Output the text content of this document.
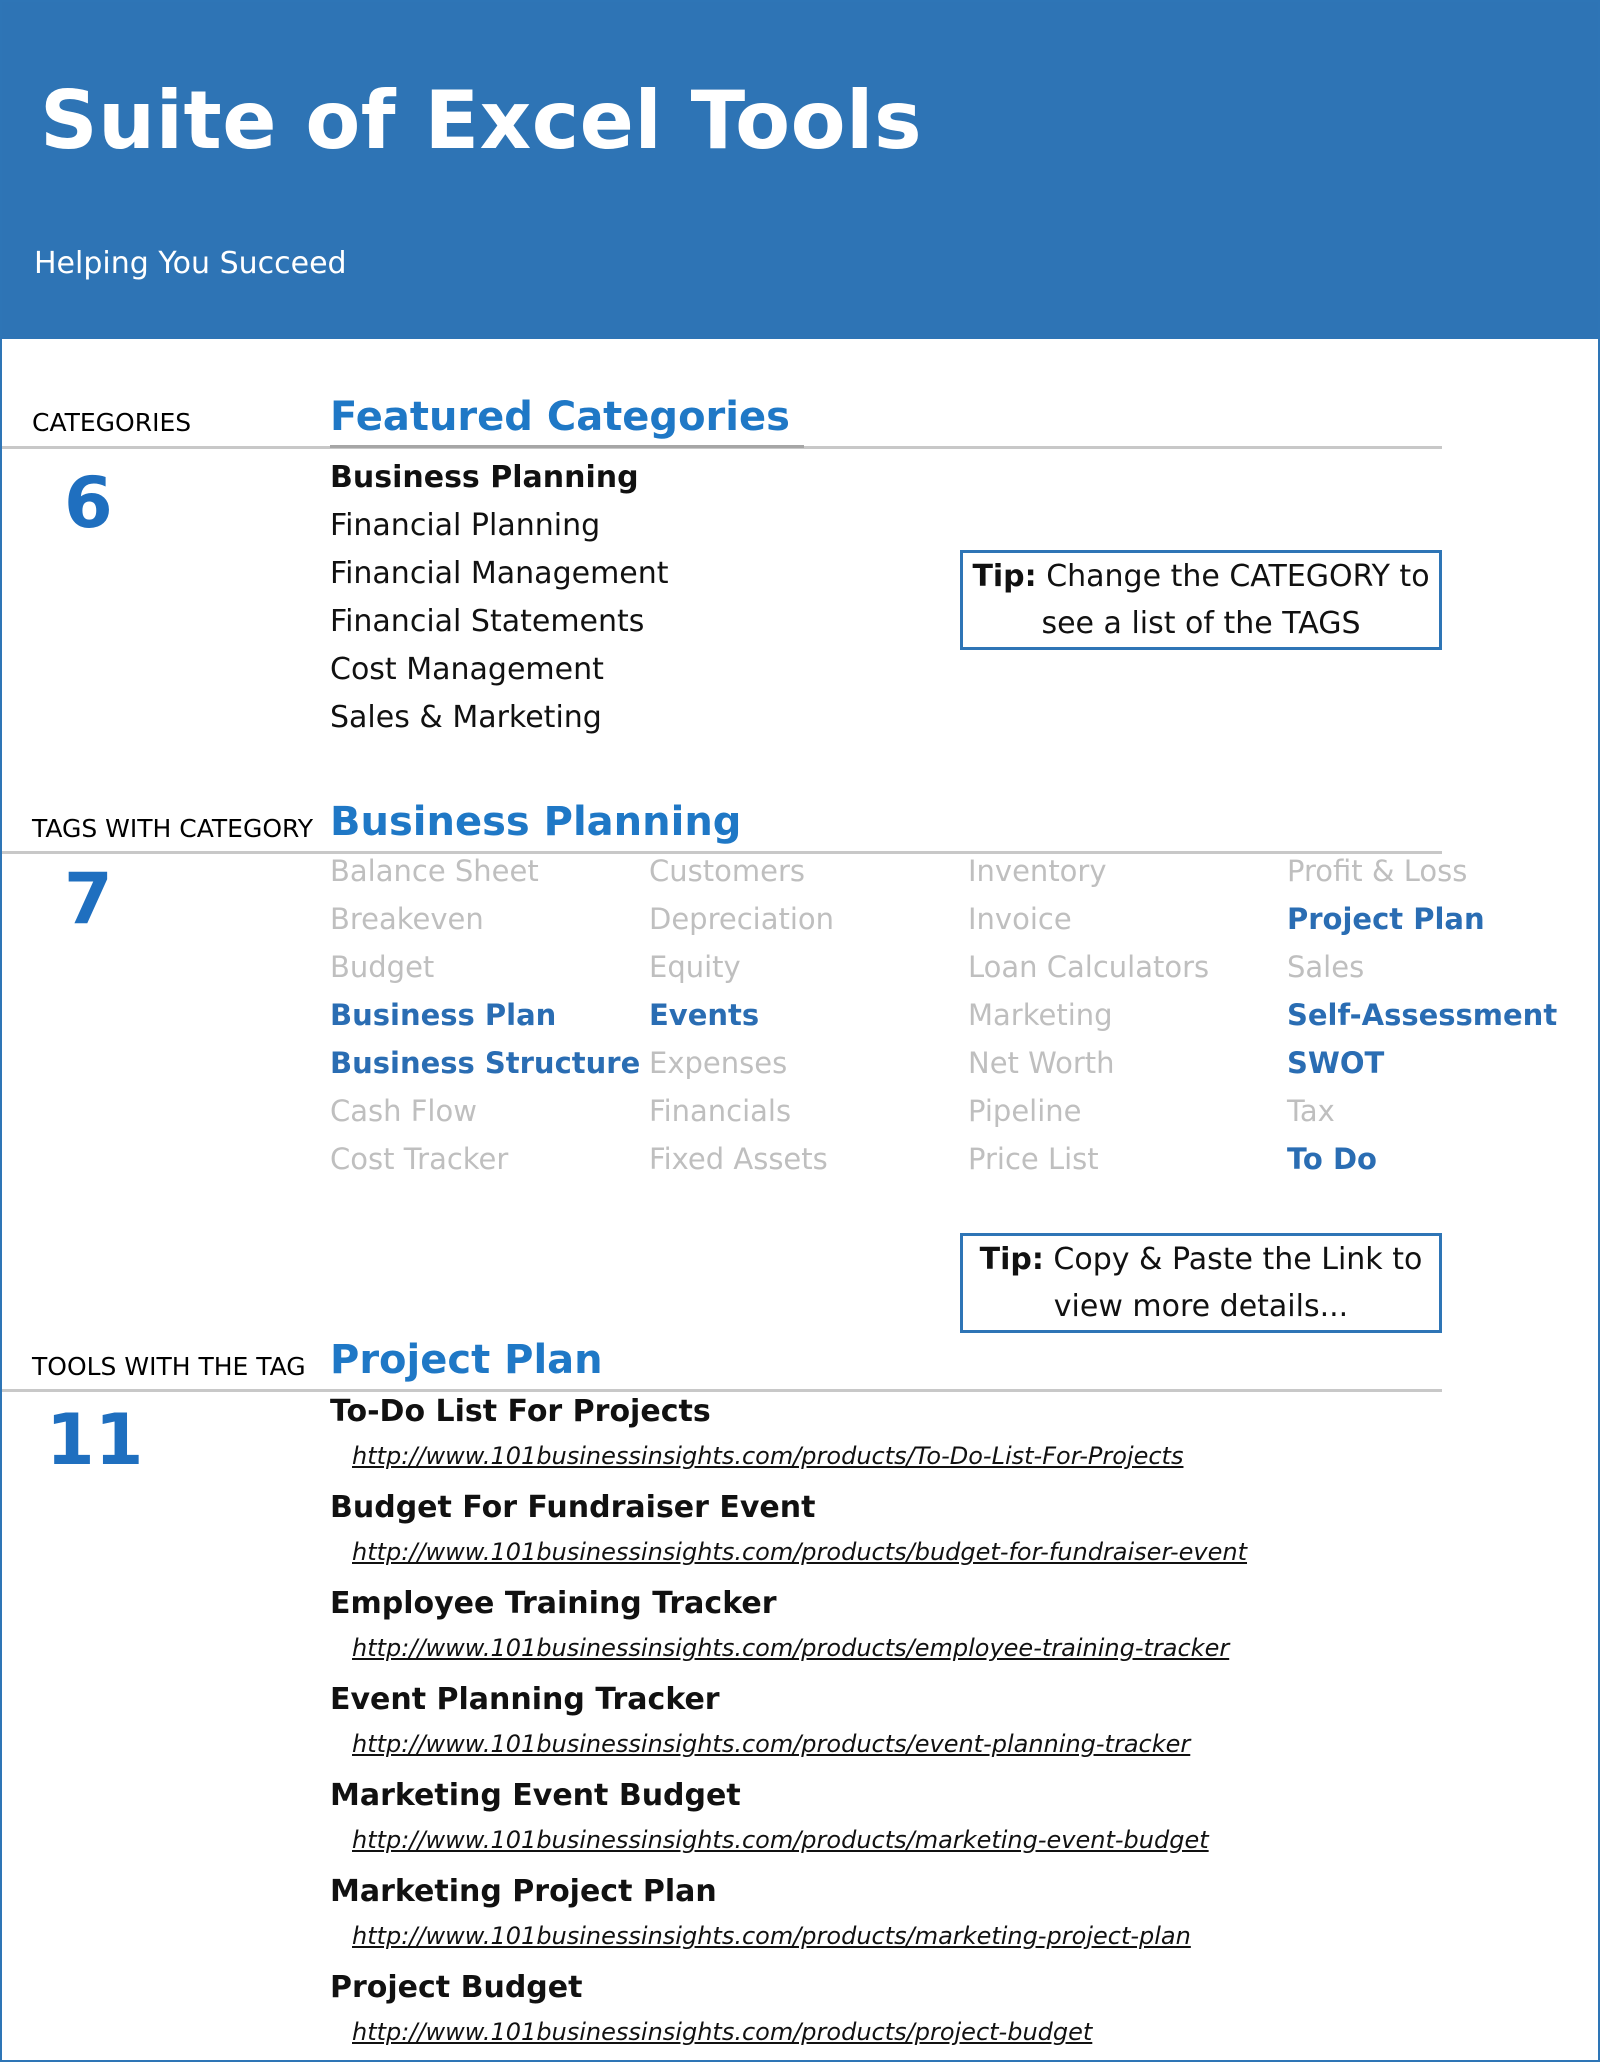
Suite of Excel Tools
Helping You Succeed
CATEGORIES
6
Featured Categories
Business Planning
Financial Planning
Financial Management
Financial Statements
Cost Management
Sales & Marketing
Tip: Change the CATEGORY to
see a list of the TAGS
TAGS WITH CATEGORY
7
Business Planning
Balance Sheet
Breakeven
Budget
Business Plan
Business Structure
Cash Flow
Cost Tracker
Customers
Depreciation
Equity
Events
Expenses
Financials
Fixed Assets
Inventory
Invoice
Loan Calculators
Marketing
Net Worth
Pipeline
Price List
Profit & Loss
Project Plan
Sales
Self-Assessment
SWOT
Tax
To Do
Tip: Copy & Paste the Link to
view more details...
TOOLS WITH THE TAG
11
Project Plan
To-Do List For Projects
http://www.101businessinsights.com/products/To-Do-List-For-Projects
Budget For Fundraiser Event
http://www.101businessinsights.com/products/budget-for-fundraiser-event
Employee Training Tracker
http://www.101businessinsights.com/products/employee-training-tracker
Event Planning Tracker
http://www.101businessinsights.com/products/event-planning-tracker
Marketing Event Budget
http://www.101businessinsights.com/products/marketing-event-budget
Marketing Project Plan
http://www.101businessinsights.com/products/marketing-project-plan
Project Budget
http://www.101businessinsights.com/products/project-budget
